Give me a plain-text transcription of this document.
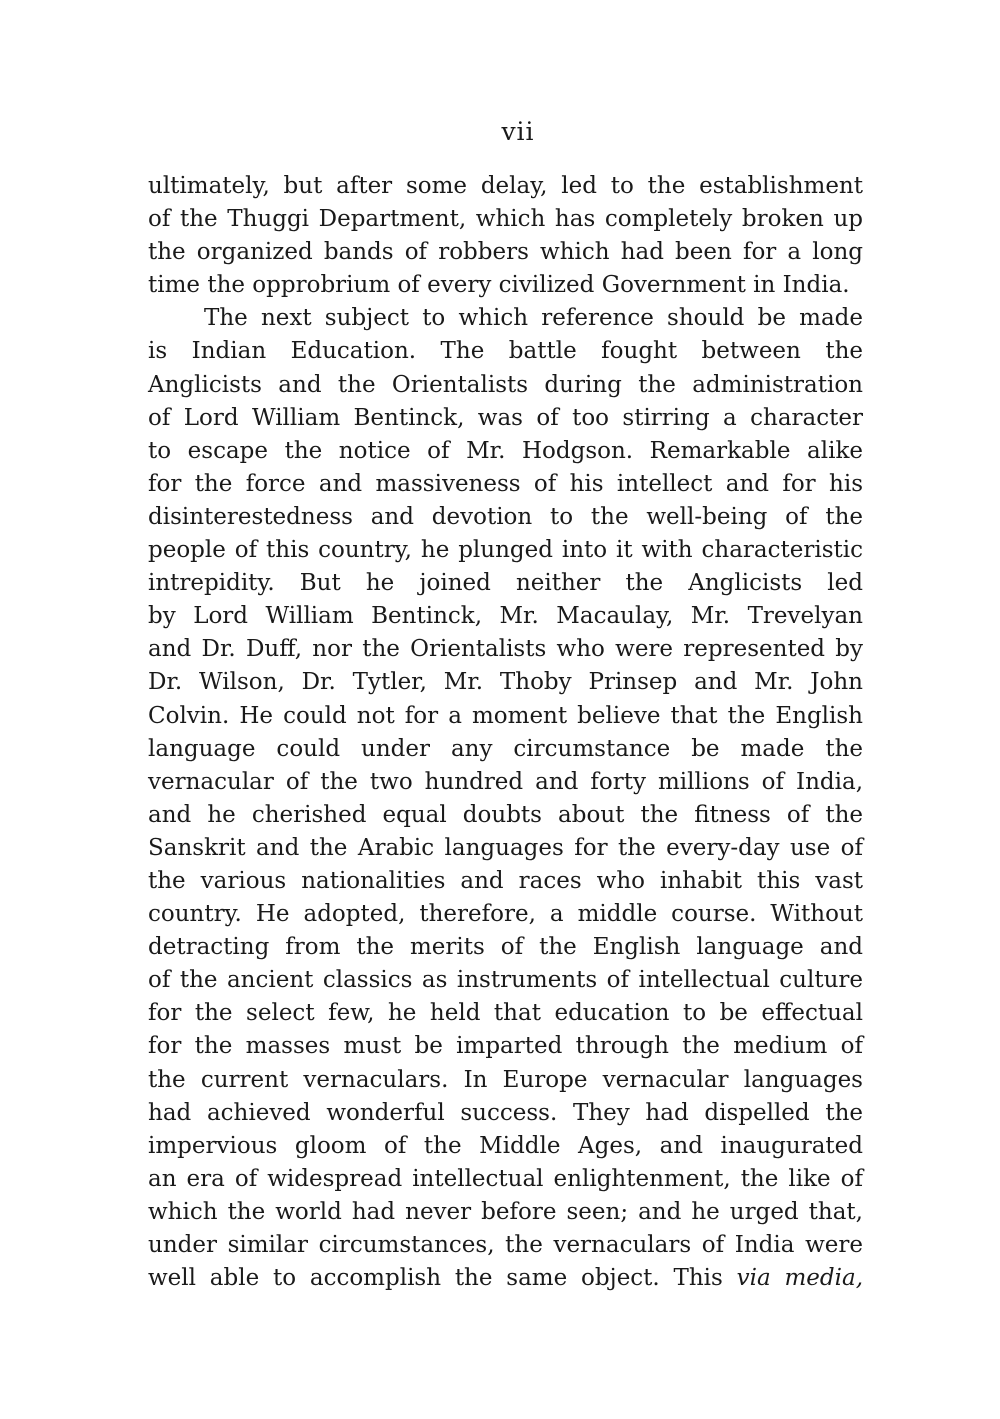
vii
ultimately, but after some delay, led to the establishment
of the Thuggi Department, which has completely broken up
the organized bands of robbers which had been for a long
time the opprobrium of every civilized Government in India.
The next subject to which reference should be made
is Indian Education. The battle fought between the
Anglicists and the Orientalists during the administration
of Lord William Bentinck, was of too stirring a character
to escape the notice of Mr. Hodgson. Remarkable alike
for the force and massiveness of his intellect and for his
disinterestedness and devotion to the well-being of the
people of this country, he plunged into it with characteristic
intrepidity. But he joined neither the Anglicists led
by Lord William Bentinck, Mr. Macaulay, Mr. Trevelyan
and Dr. Duff, nor the Orientalists who were represented by
Dr. Wilson, Dr. Tytler, Mr. Thoby Prinsep and Mr. John
Colvin. He could not for a moment believe that the English
language could under any circumstance be made the
vernacular of the two hundred and forty millions of India,
and he cherished equal doubts about the fitness of the
Sanskrit and the Arabic languages for the every-day use of
the various nationalities and races who inhabit this vast
country. He adopted, therefore, a middle course. Without
detracting from the merits of the English language and
of the ancient classics as instruments of intellectual culture
for the select few, he held that education to be effectual
for the masses must be imparted through the medium of
the current vernaculars. In Europe vernacular languages
had achieved wonderful success. They had dispelled the
impervious gloom of the Middle Ages, and inaugurated
an era of widespread intellectual enlightenment, the like of
which the world had never before seen; and he urged that,
under similar circumstances, the vernaculars of India were
well able to accomplish the same object. This via media,
